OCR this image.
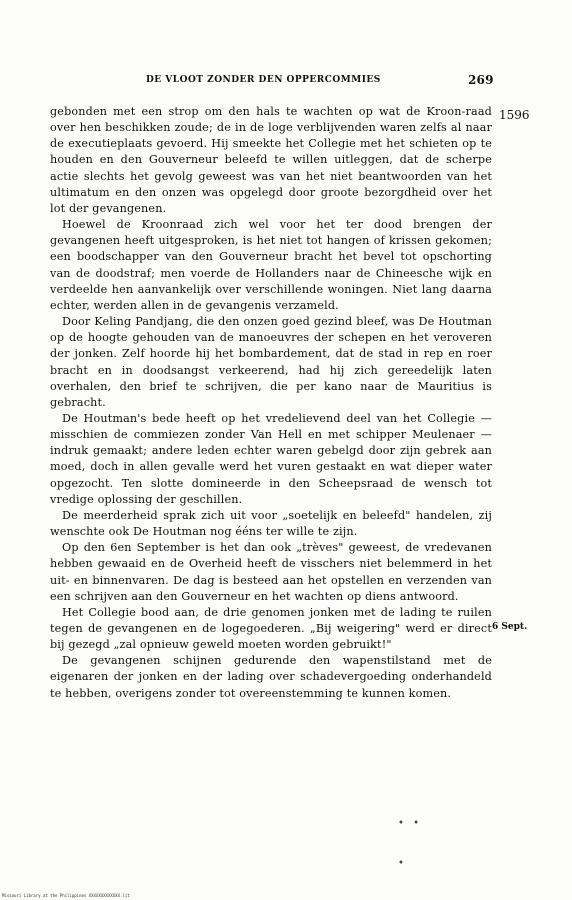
DE VLOOT ZONDER DEN OPPERCOMMIES	269
1596
6 Sept.

gebonden met een strop om den hals te wachten op wat de Kroon-raad over hen beschikken zoude; de in de loge verblijvenden waren zelfs al naar de executieplaats gevoerd. Hij smeekte het Collegie met het schieten op te houden en den Gouverneur beleefd te willen uitleggen, dat de scherpe actie slechts het gevolg geweest was van het niet beantwoorden van het ultimatum en den onzen was opgelegd door groote bezorgdheid over het lot der gevangenen.

Hoewel de Kroonraad zich wel voor het ter dood brengen der gevangenen heeft uitgesproken, is het niet tot hangen of krissen gekomen; een boodschapper van den Gouverneur bracht het bevel tot opschorting van de doodstraf; men voerde de Hollanders naar de Chineesche wijk en verdeelde hen aanvankelijk over verschillende woningen. Niet lang daarna echter, werden allen in de gevangenis verzameld.

Door Keling Pandjang, die den onzen goed gezind bleef, was De Houtman op de hoogte gehouden van de manoeuvres der schepen en het veroveren der jonken. Zelf hoorde hij het bombardement, dat de stad in rep en roer bracht en in doodsangst verkeerend, had hij zich gereedelijk laten overhalen, den brief te schrijven, die per kano naar de Mauritius is gebracht.

De Houtman's bede heeft op het vredelievend deel van het Collegie — misschien de commiezen zonder Van Hell en met schipper Meulenaer — indruk gemaakt; andere leden echter waren gebelgd door zijn gebrek aan moed, doch in allen gevalle werd het vuren gestaakt en wat dieper water opgezocht. Ten slotte domineerde in den Scheepsraad de wensch tot vredige oplossing der geschillen.

De meerderheid sprak zich uit voor „soetelijk en beleefd" handelen, zij wenschte ook De Houtman nog ééns ter wille te zijn.

Op den 6en September is het dan ook „trèves" geweest, de vredevanen hebben gewaaid en de Overheid heeft de visschers niet belemmerd in het uit- en binnenvaren. De dag is besteed aan het opstellen en verzenden van een schrijven aan den Gouverneur en het wachten op diens antwoord.

Het Collegie bood aan, de drie genomen jonken met de lading te ruilen tegen de gevangenen en de logegoederen. „Bij weigering" werd er direct bij gezegd „zal opnieuw geweld moeten worden gebruikt!"

De gevangenen schijnen gedurende den wapenstilstand met de eigenaren der jonken en der lading over schadevergoeding onderhandeld te hebben, overigens zonder tot overeenstemming te kunnen komen.

• •
•
Missouri Library at the Philippines XXXXXXXXXXXXX.lit
